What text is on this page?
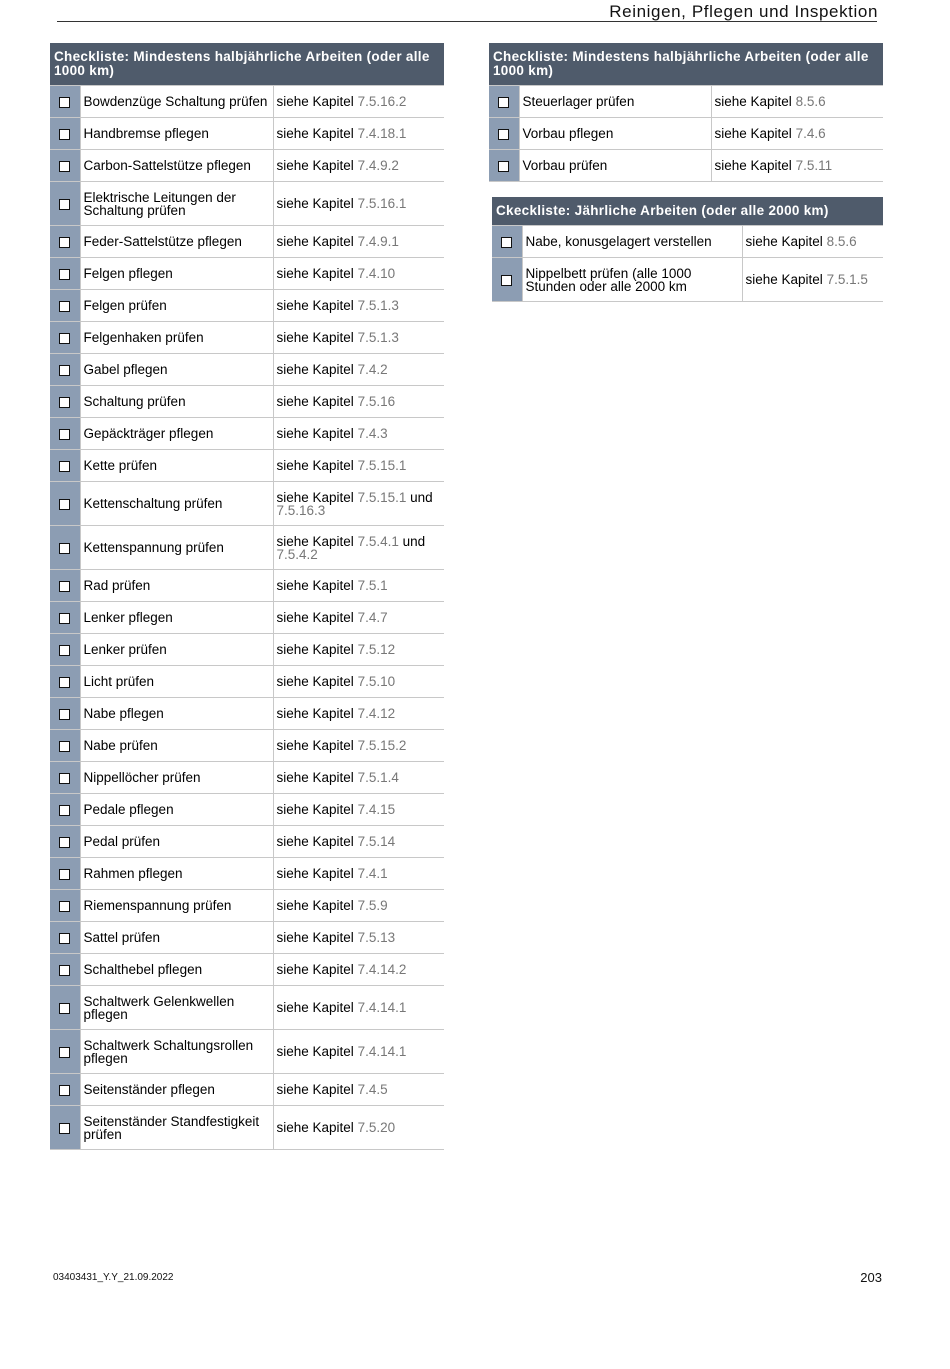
Reinigen, Pflegen und Inspektion
Checkliste: Mindestens halbjährliche Arbeiten (oder alle 1000 km)		
	Bowdenzüge Schaltung prüfen	siehe Kapitel 7.5.16.2
	Handbremse pflegen	siehe Kapitel 7.4.18.1
	Carbon-Sattelstütze pflegen	siehe Kapitel 7.4.9.2
	Elektrische Leitungen der Schaltung prüfen	siehe Kapitel 7.5.16.1
	Feder-Sattelstütze pflegen	siehe Kapitel 7.4.9.1
	Felgen pflegen	siehe Kapitel 7.4.10
	Felgen prüfen	siehe Kapitel 7.5.1.3
	Felgenhaken prüfen	siehe Kapitel 7.5.1.3
	Gabel pflegen	siehe Kapitel 7.4.2
	Schaltung prüfen	siehe Kapitel 7.5.16
	Gepäckträger pflegen	siehe Kapitel 7.4.3
	Kette prüfen	siehe Kapitel 7.5.15.1
	Kettenschaltung prüfen	siehe Kapitel 7.5.15.1 und 7.5.16.3
	Kettenspannung prüfen	siehe Kapitel 7.5.4.1 und 7.5.4.2
	Rad prüfen	siehe Kapitel 7.5.1
	Lenker pflegen	siehe Kapitel 7.4.7
	Lenker prüfen	siehe Kapitel 7.5.12
	Licht prüfen	siehe Kapitel 7.5.10
	Nabe pflegen	siehe Kapitel 7.4.12
	Nabe prüfen	siehe Kapitel 7.5.15.2
	Nippellöcher prüfen	siehe Kapitel 7.5.1.4
	Pedale pflegen	siehe Kapitel 7.4.15
	Pedal prüfen	siehe Kapitel 7.5.14
	Rahmen pflegen	siehe Kapitel 7.4.1
	Riemenspannung prüfen	siehe Kapitel 7.5.9
	Sattel prüfen	siehe Kapitel 7.5.13
	Schalthebel pflegen	siehe Kapitel 7.4.14.2
	Schaltwerk Gelenkwellen pflegen	siehe Kapitel 7.4.14.1
	Schaltwerk Schaltungsrollen pflegen	siehe Kapitel 7.4.14.1
	Seitenständer pflegen	siehe Kapitel 7.4.5
	Seitenständer Standfestigkeit prüfen	siehe Kapitel 7.5.20
Checkliste: Mindestens halbjährliche Arbeiten (oder alle 1000 km)		
	Steuerlager prüfen	siehe Kapitel 8.5.6
	Vorbau pflegen	siehe Kapitel 7.4.6
	Vorbau prüfen	siehe Kapitel 7.5.11
Ckeckliste: Jährliche Arbeiten (oder alle 2000 km)		
	Nabe, konusgelagert verstellen	siehe Kapitel 8.5.6
	Nippelbett prüfen (alle 1000 Stunden oder alle 2000 km	siehe Kapitel 7.5.1.5
03403431_Y.Y_21.09.2022	203
